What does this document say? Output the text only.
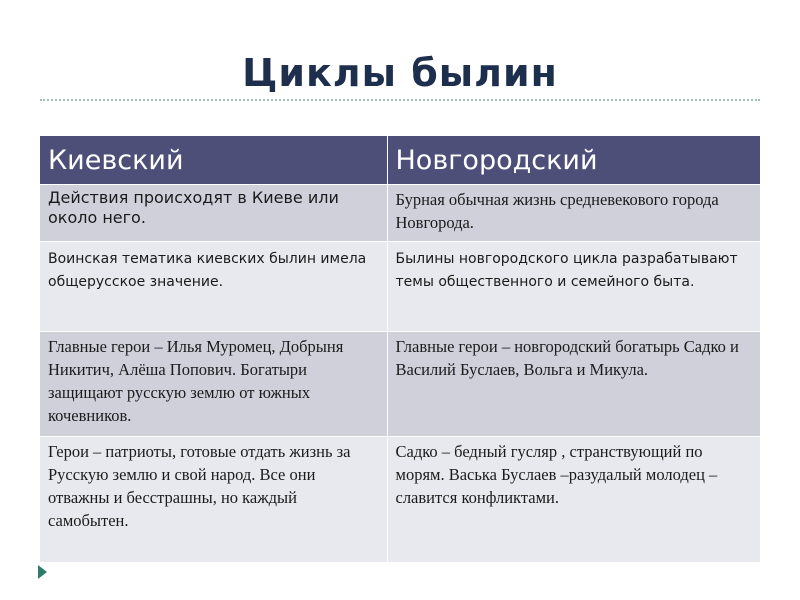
Циклы былин
Киевский	Новгородский
Действия происходят в Киеве или около него.	Бурная обычная жизнь средневекового города Новгорода.
Воинская тематика киевских былин имела общерусское значение.	Былины новгородского цикла разрабатывают темы общественного и семейного быта.
Главные герои – Илья Муромец, Добрыня Никитич, Алёша Попович. Богатыри защищают русскую землю от южных кочевников.	Главные герои – новгородский богатырь Садко и Василий Буслаев, Вольга и Микула.
Герои – патриоты, готовые отдать жизнь за Русскую землю и свой народ. Все они отважны и бесстрашны, но каждый самобытен.	Садко – бедный гусляр , странствующий по морям. Васька Буслаев –разудалый молодец – славится конфликтами.
